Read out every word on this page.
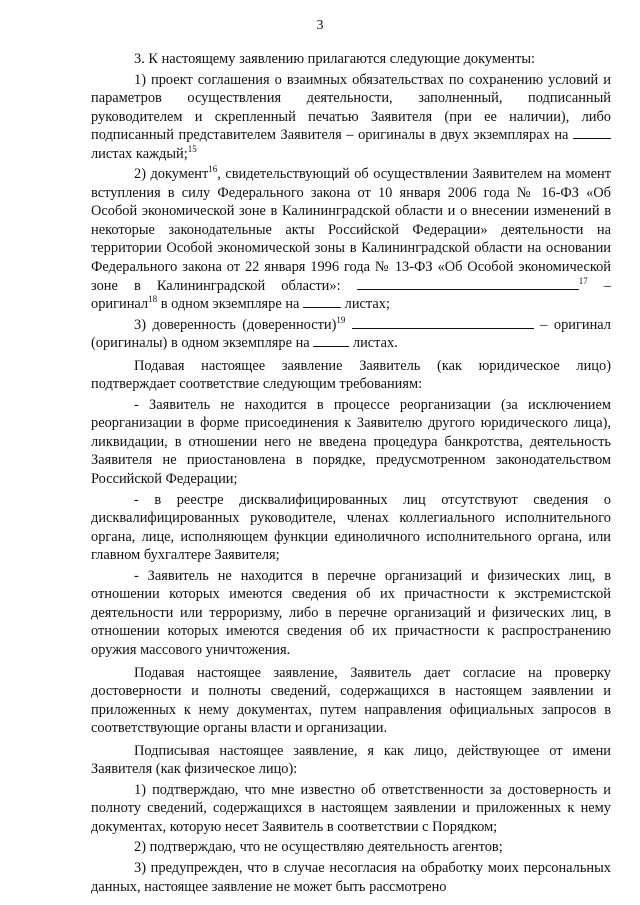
3

3. К настоящему заявлению прилагаются следующие документы:

1) проект соглашения о взаимных обязательствах по сохранению условий и параметров осуществления деятельности, заполненный, подписанный руководителем и скрепленный печатью Заявителя (при ее наличии), либо подписанный представителем Заявителя – оригиналы в двух экземплярах на  листах каждый;$^{15}$

2) документ$^{16}$, свидетельствующий об осуществлении Заявителем на момент вступления в силу Федерального закона от 10 января 2006 года № 16-ФЗ «Об Особой экономической зоне в Калининградской области и о внесении изменений в некоторые законодательные акты Российской Федерации» деятельности на территории Особой экономической зоны в Калининградской области на основании Федерального закона от 22 января 1996 года № 13-ФЗ «Об Особой экономической зоне в Калининградской области»:	$^{17}$ – оригинал$^{18}$ в одном экземпляре на	листах;

3) доверенность (доверенности)$^{19}$	– оригинал (оригиналы) в одном экземпляре на	листах.

Подавая настоящее заявление Заявитель (как юридическое лицо) подтверждает соответствие следующим требованиям:

- Заявитель не находится в процессе реорганизации (за исключением реорганизации в форме присоединения к Заявителю другого юридического лица), ликвидации, в отношении него не введена процедура банкротства, деятельность Заявителя не приостановлена в порядке, предусмотренном законодательством Российской Федерации;

- в реестре дисквалифицированных лиц отсутствуют сведения о дисквалифицированных руководителе, членах коллегиального исполнительного органа, лице, исполняющем функции единоличного исполнительного органа, или главном бухгалтере Заявителя;

- Заявитель не находится в перечне организаций и физических лиц, в отношении которых имеются сведения об их причастности к экстремистской деятельности или терроризму, либо в перечне организаций и физических лиц, в отношении которых имеются сведения об их причастности к распространению оружия массового уничтожения.

Подавая настоящее заявление, Заявитель дает согласие на проверку достоверности и полноты сведений, содержащихся в настоящем заявлении и приложенных к нему документах, путем направления официальных запросов в соответствующие органы власти и организации.

Подписывая настоящее заявление, я как лицо, действующее от имени Заявителя (как физическое лицо):

1) подтверждаю, что мне известно об ответственности за достоверность и полноту сведений, содержащихся в настоящем заявлении и приложенных к нему документах, которую несет Заявитель в соответствии с Порядком;

2) подтверждаю, что не осуществляю деятельность агентов;

3) предупрежден, что в случае несогласия на обработку моих персональных данных, настоящее заявление не может быть рассмотрено
